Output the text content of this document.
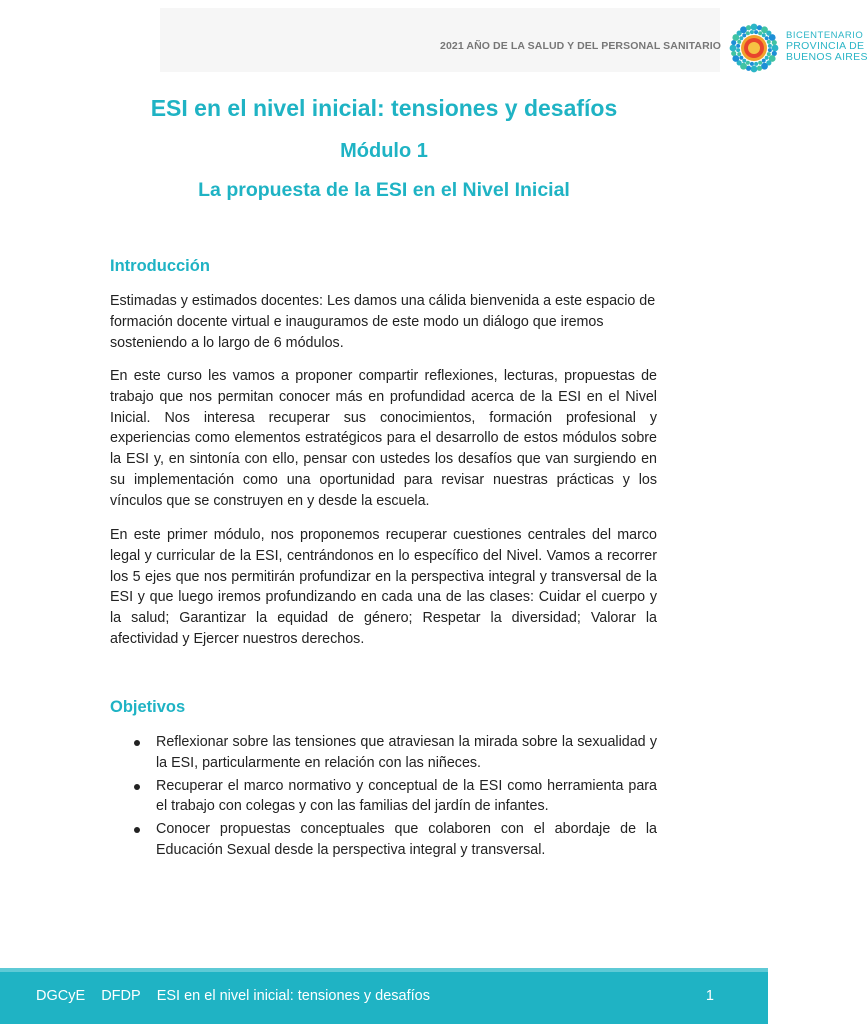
2021 AÑO DE LA SALUD Y DEL PERSONAL SANITARIO
BICENTENARIO
PROVINCIA DE
BUENOS AIRES
ESI en el nivel inicial: tensiones y desafíos
Módulo 1
La propuesta de la ESI en el Nivel Inicial
Introducción

Estimadas y estimados docentes: Les damos una cálida bienvenida a este espacio de formación docente virtual e inauguramos de este modo un diálogo que iremos sosteniendo a lo largo de 6 módulos.

En este curso les vamos a proponer compartir reflexiones, lecturas, propuestas de trabajo que nos permitan conocer más en profundidad acerca de la ESI en el Nivel Inicial. Nos interesa recuperar sus conocimientos, formación profesional y experiencias como elementos estratégicos para el desarrollo de estos módulos sobre la ESI y, en sintonía con ello, pensar con ustedes los desafíos que van surgiendo en su implementación como una oportunidad para revisar nuestras prácticas y los vínculos que se construyen en y desde la escuela.

En este primer módulo, nos proponemos recuperar cuestiones centrales del marco legal y curricular de la ESI, centrándonos en lo específico del Nivel. Vamos a recorrer los 5 ejes que nos permitirán profundizar en la perspectiva integral y transversal de la ESI y que luego iremos profundizando en cada una de las clases: Cuidar el cuerpo y la salud; Garantizar la equidad de género; Respetar la diversidad; Valorar la afectividad y Ejercer nuestros derechos.

Objetivos
Reflexionar sobre las tensiones que atraviesan la mirada sobre la sexualidad y la ESI, particularmente en relación con las niñeces.
Recuperar el marco normativo y conceptual de la ESI como herramienta para el trabajo con colegas y con las familias del jardín de infantes.
Conocer propuestas conceptuales que colaboren con el abordaje de la Educación Sexual desde la perspectiva integral y transversal.
DGCyE DFDP ESI en el nivel inicial: tensiones y desafíos	1
